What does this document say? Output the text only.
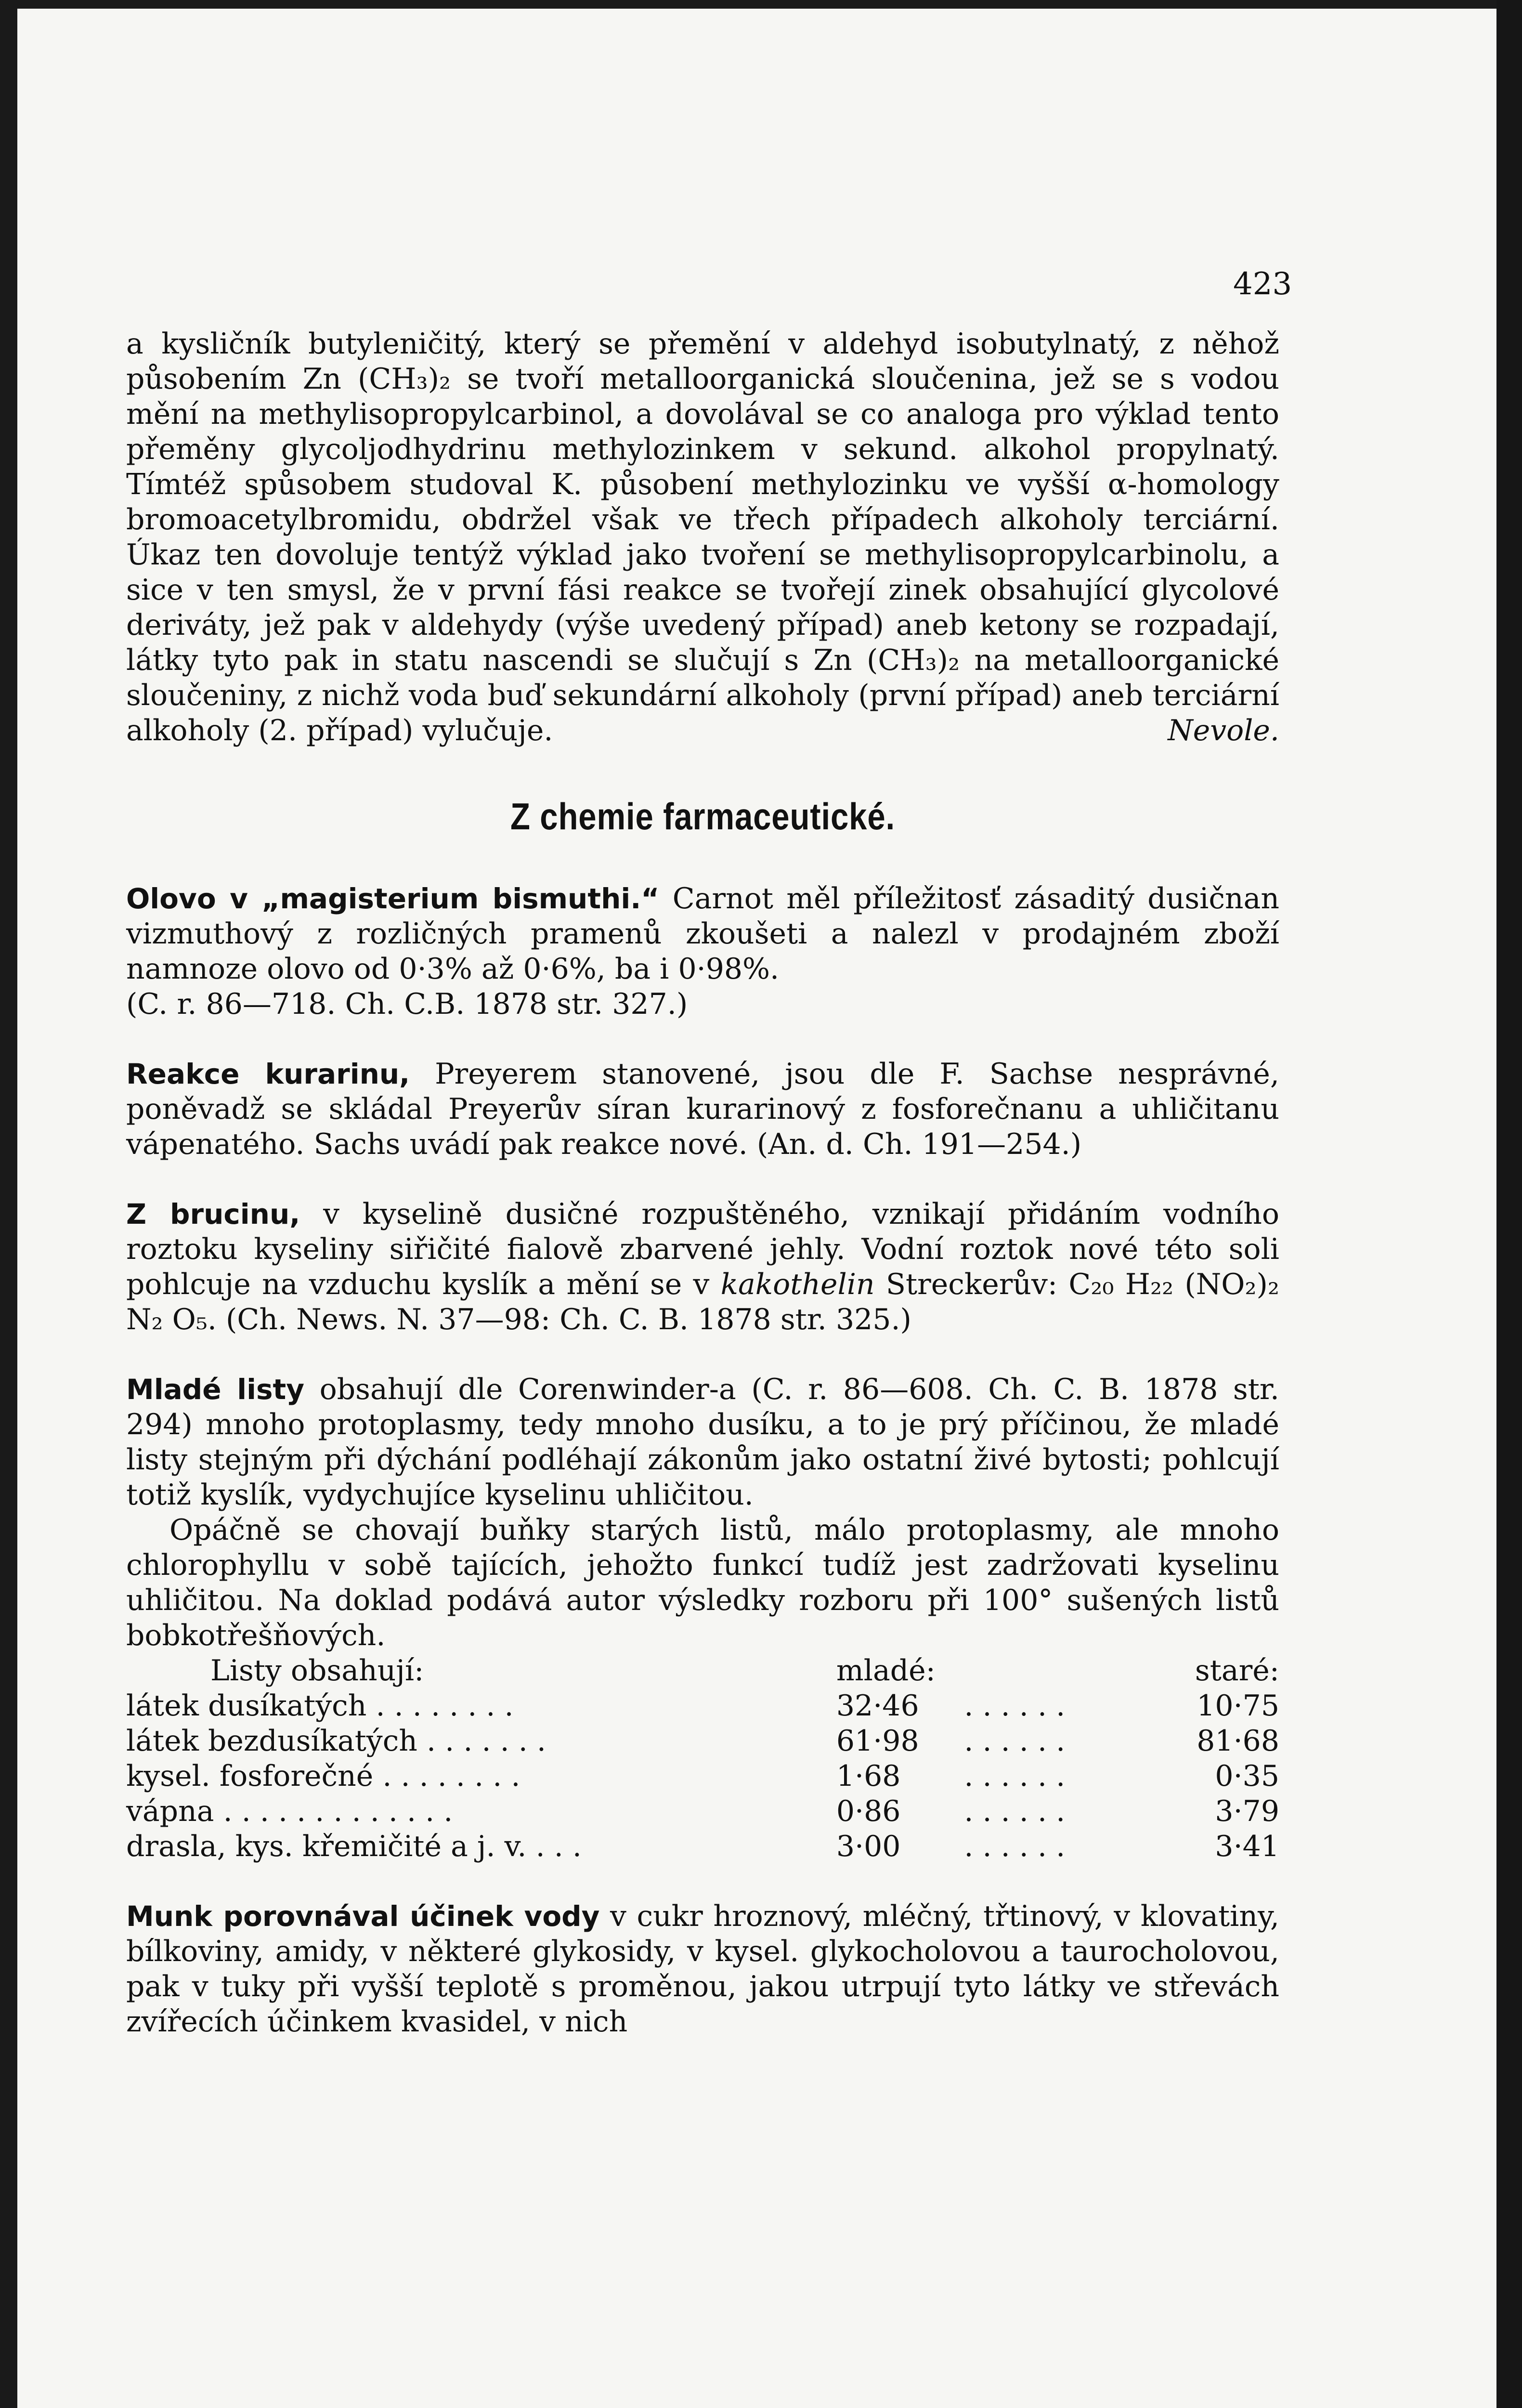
423

a kysličník butyleničitý, který se přemění v aldehyd isobutylnatý, z něhož působením Zn (CH₃)₂ se tvoří metalloorganická sloučenina, jež se s vodou mění na methylisopropylcarbinol, a dovolával se co analoga pro výklad tento přeměny glycoljodhydrinu methylozinkem v sekund. alkohol propylnatý. Tímtéž spůsobem studoval K. působení methylozinku ve vyšší α-homology bromoacetylbromidu, obdržel však ve třech případech alkoholy terciární. Úkaz ten dovoluje tentýž výklad jako tvoření se methylisopropylcarbinolu, a sice v ten smysl, že v první fási reakce se tvořejí zinek obsahující glycolové deriváty, jež pak v aldehydy (výše uvedený případ) aneb ketony se rozpadají, látky tyto pak in statu nascendi se slučují s Zn (CH₃)₂ na metalloorganické sloučeniny, z nichž voda buď sekundární alkoholy (první případ) aneb terciární alkoholy (2. případ) vylučuje.	Nevole.

Z chemie farmaceutické.

Olovo v „magisterium bismuthi.“ Carnot měl příležitosť zásaditý dusičnan vizmuthový z rozličných pramenů zkoušeti a nalezl v prodajném zboží namnoze olovo od 0·3% až 0·6%, ba i 0·98%.

(C. r. 86—718. Ch. C.B. 1878 str. 327.)

Reakce kurarinu, Preyerem stanovené, jsou dle F. Sachse nesprávné, poněvadž se skládal Preyerův síran kurarinový z fosforečnanu a uhličitanu vápenatého. Sachs uvádí pak reakce nové. (An. d. Ch. 191—254.)

Z brucinu, v kyselině dusičné rozpuštěného, vznikají přidáním vodního roztoku kyseliny siřičité fialově zbarvené jehly. Vodní roztok nové této soli pohlcuje na vzduchu kyslík a mění se v kakothelin Streckerův: C₂₀ H₂₂ (NO₂)₂ N₂ O₅. (Ch. News. N. 37—98: Ch. C. B. 1878 str. 325.)

Mladé listy obsahují dle Corenwinder-a (C. r. 86—608. Ch. C. B. 1878 str. 294) mnoho protoplasmy, tedy mnoho dusíku, a to je prý příčinou, že mladé listy stejným při dýchání podléhají zákonům jako ostatní živé bytosti; pohlcují totiž kyslík, vydychujíce kyselinu uhličitou.

Opáčně se chovají buňky starých listů, málo protoplasmy, ale mnoho chlorophyllu v sobě tajících, jehožto funkcí tudíž jest zadržovati kyselinu uhličitou. Na doklad podává autor výsledky rozboru při 100° sušených listů bobkotřešňových.

Listy obsahují:	mladé:		staré:
látek dusíkatých . . . . . . . .	32·46	. . . . . .	10·75
látek bezdusíkatých . . . . . . .	61·98	. . . . . .	81·68
kysel. fosforečné . . . . . . . .	1·68	. . . . . .	0·35
vápna . . . . . . . . . . . . .	0·86	. . . . . .	3·79
drasla, kys. křemičité a j. v. . . .	3·00	. . . . . .	3·41

Munk porovnával účinek vody v cukr hroznový, mléčný, třtinový, v klovatiny, bílkoviny, amidy, v některé glykosidy, v kysel. glykocholovou a taurocholovou, pak v tuky při vyšší teplotě s proměnou, jakou utrpují tyto látky ve střevách zvířecích účinkem kvasidel, v nich
